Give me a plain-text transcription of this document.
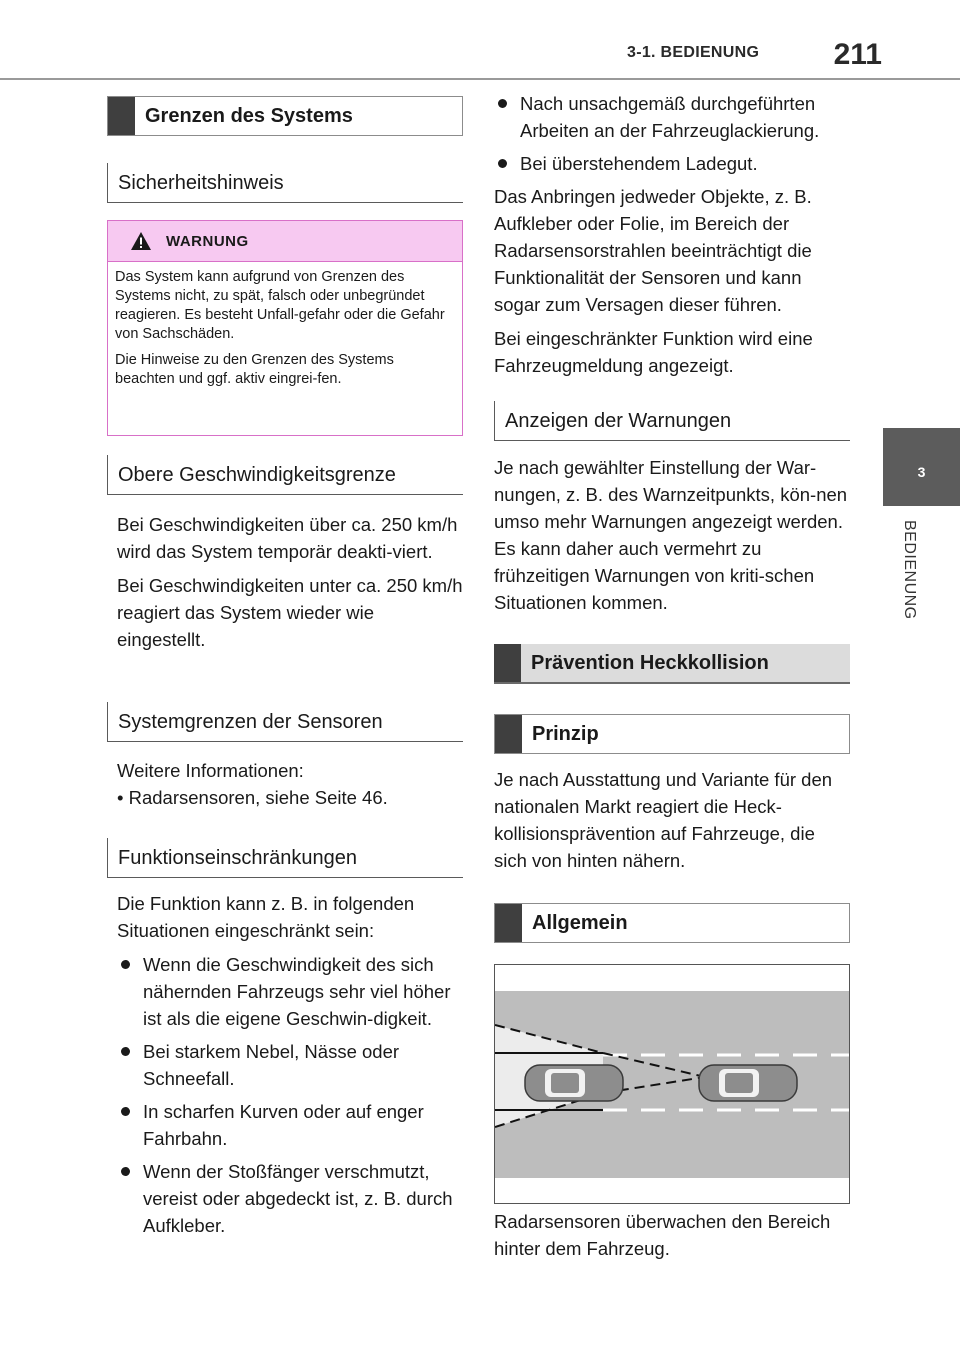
211
3-1. BEDIENUNG
3
BEDIENUNG
Grenzen des Systems
Sicherheitshinweis
WARNUNG

Das System kann aufgrund von Grenzen des Systems nicht, zu spät, falsch oder unbegründet reagieren. Es besteht Unfall-gefahr oder die Gefahr von Sachschäden.

Die Hinweise zu den Grenzen des Systems beachten und ggf. aktiv eingrei-fen.

Obere Geschwindigkeitsgrenze

Bei Geschwindigkeiten über ca. 250 km/h wird das System temporär deakti-viert.

Bei Geschwindigkeiten unter ca. 250 km/h reagiert das System wieder wie eingestellt.

Systemgrenzen der Sensoren

Weitere Informationen:

• Radarsensoren, siehe Seite 46.

Funktionseinschränkungen

Die Funktion kann z. B. in folgenden Situationen eingeschränkt sein:

Wenn die Geschwindigkeit des sich nähernden Fahrzeugs sehr viel höher ist als die eigene Geschwin-digkeit.
Bei starkem Nebel, Nässe oder Schneefall.
In scharfen Kurven oder auf enger Fahrbahn.
Wenn der Stoßfänger verschmutzt, vereist oder abgedeckt ist, z. B. durch Aufkleber.
Nach unsachgemäß durchgeführten Arbeiten an der Fahrzeuglackierung.
Bei überstehendem Ladegut.

Das Anbringen jedweder Objekte, z. B. Aufkleber oder Folie, im Bereich der Radarsensorstrahlen beeinträchtigt die Funktionalität der Sensoren und kann sogar zum Versagen dieser führen.

Bei eingeschränkter Funktion wird eine Fahrzeugmeldung angezeigt.

Anzeigen der Warnungen

Je nach gewählter Einstellung der War-nungen, z. B. des Warnzeitpunkts, kön-nen umso mehr Warnungen angezeigt werden. Es kann daher auch vermehrt zu frühzeitigen Warnungen von kriti-schen Situationen kommen.

Prävention Heckkollision
Prinzip

Je nach Ausstattung und Variante für den nationalen Markt reagiert die Heck-kollisionsprävention auf Fahrzeuge, die sich von hinten nähern.

Allgemein

Radarsensoren überwachen den Bereich hinter dem Fahrzeug.
